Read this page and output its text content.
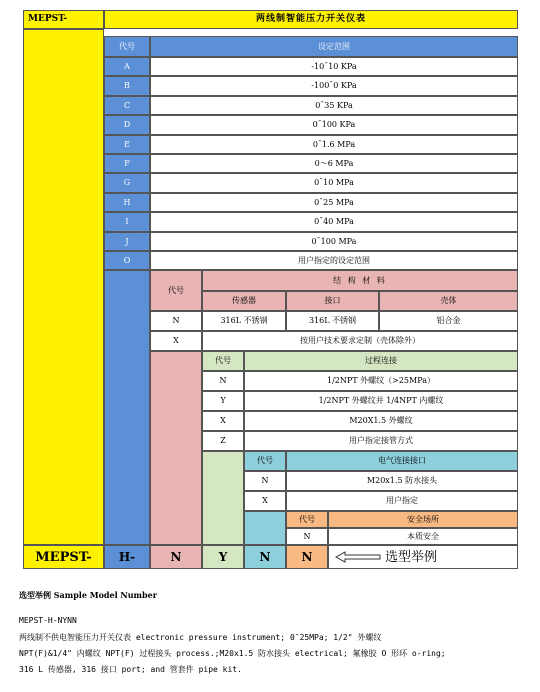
MEPST-	两线制智能压力开关仪表
代号	设定范围
A	-10¯10 KPa
B	-100¯0 KPa
C	0¯35 KPa
D	0¯100 KPa
E	0¯1.6 MPa
F	0～6 MPa
G	0¯10 MPa
H	0¯25 MPa
I	0¯40 MPa
J	0¯100 MPa
O	用户指定的设定范围
代号
结 构 材 料
传感器	接口	壳体
N	316L 不锈钢	316L 不锈钢	铝合金
X	按用户技术要求定制（壳体除外）
代号	过程连接
N	1/2NPT 外螺纹（>25MPa）
Y	1/2NPT 外螺纹并 1/4NPT 内螺纹
X	M20X1.5 外螺纹
Z	用户指定接管方式
代号	电气连接接口
N	M20x1.5 防水接头
X	用户指定
代号	安全场所
N	本质安全
MEPST-	H-	N	Y	N	N	选型举例
选型举例 Sample Model Number
MEPST-H-NYNN
两线制不供电智能压力开关仪表 electronic pressure instrument; 0¯25MPa; 1/2" 外螺纹
NPT(F)&1/4" 内螺纹 NPT(F) 过程接头 process.;M20x1.5 防水接头 electrical; 氟橡胶 O 形环 o-ring;
316 L 传感器, 316 接口 port; and 管套件 pipe kit.
